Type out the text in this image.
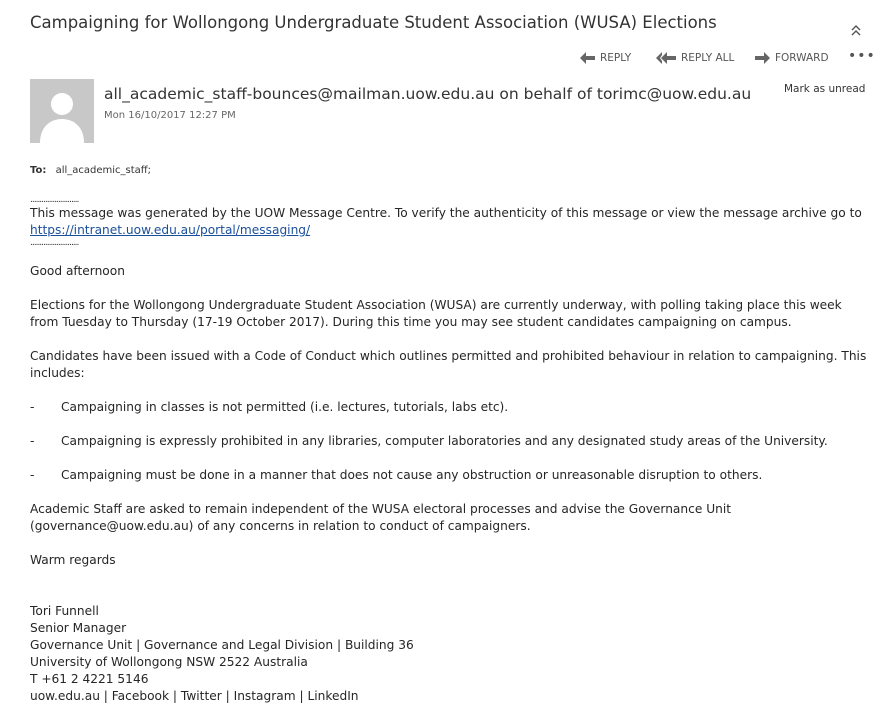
Campaigning for Wollongong Undergraduate Student Association (WUSA) Elections
REPLY	REPLY ALL	FORWARD •••
all_academic_staff-bounces@mailman.uow.edu.au on behalf of torimc@uow.edu.au
Mon 16/10/2017 12:27 PM
Mark as unread
To: all_academic_staff;
..........................

This message was generated by the UOW Message Centre. To verify the authenticity of this message or view the message archive go to

https://intranet.uow.edu.au/portal/messaging/

..........................

Good afternoon

Elections for the Wollongong Undergraduate Student Association (WUSA) are currently underway, with polling taking place this week from Tuesday to Thursday (17-19 October 2017). During this time you may see student candidates campaigning on campus.

Candidates have been issued with a Code of Conduct which outlines permitted and prohibited behaviour in relation to campaigning. This includes:

-	Campaigning in classes is not permitted (i.e. lectures, tutorials, labs etc).
-	Campaigning is expressly prohibited in any libraries, computer laboratories and any designated study areas of the University.
-	Campaigning must be done in a manner that does not cause any obstruction or unreasonable disruption to others.

Academic Staff are asked to remain independent of the WUSA electoral processes and advise the Governance Unit (governance@uow.edu.au) of any concerns in relation to conduct of campaigners.

Warm regards

Tori Funnell

Senior Manager

Governance Unit | Governance and Legal Division | Building 36

University of Wollongong NSW 2522 Australia

T +61 2 4221 5146

uow.edu.au | Facebook | Twitter | Instagram | LinkedIn
